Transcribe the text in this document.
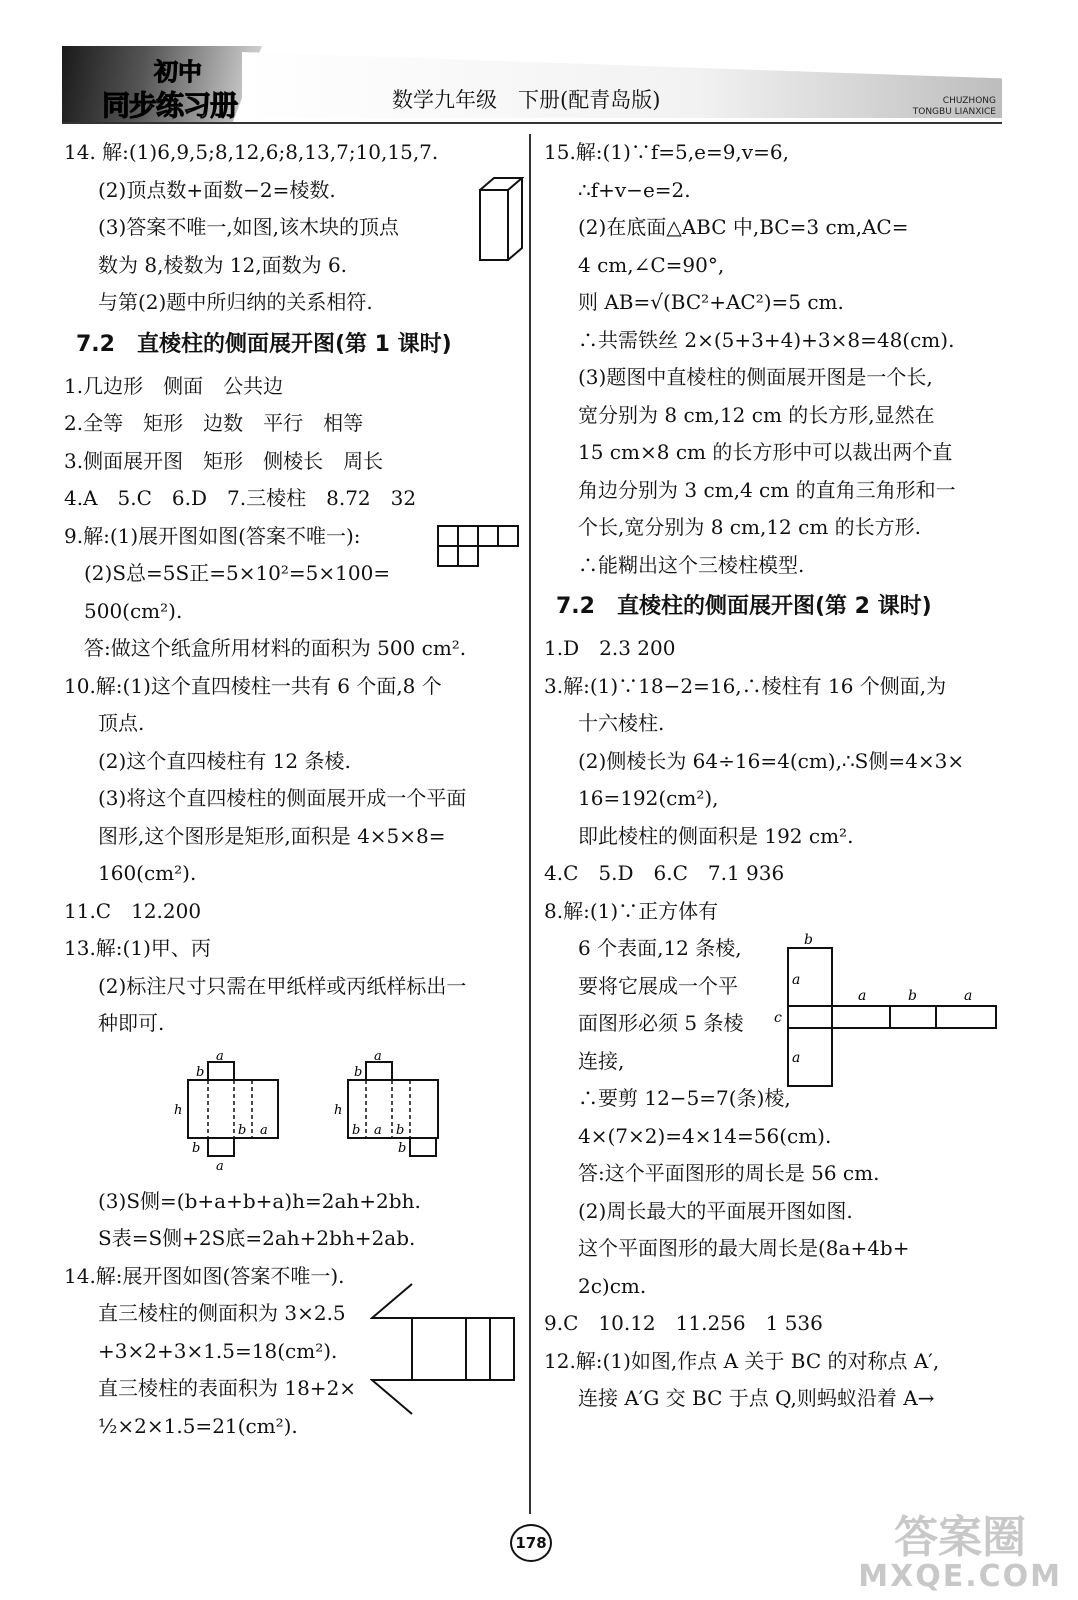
初中
同步练习册	数学九年级　下册(配青岛版)	CHUZHONG
TONGBU LIANXICE
14. 解:(1)6,9,5;8,12,6;8,13,7;10,15,7.
(2)顶点数+面数−2=棱数.
(3)答案不唯一,如图,该木块的顶点
数为 8,棱数为 12,面数为 6.
与第(2)题中所归纳的关系相符.
7.2　直棱柱的侧面展开图(第 1 课时)
1.几边形　侧面　公共边
2.全等　矩形　边数　平行　相等
3.侧面展开图　矩形　侧棱长　周长
4.A　5.C　6.D　7.三棱柱　8.72　32
9.解:(1)展开图如图(答案不唯一):
(2)S总=5S正=5×10²=5×100=
500(cm²).
答:做这个纸盒所用材料的面积为 500 cm².
10.解:(1)这个直四棱柱一共有 6 个面,8 个
顶点.
(2)这个直四棱柱有 12 条棱.
(3)将这个直四棱柱的侧面展开成一个平面
图形,这个图形是矩形,面积是 4×5×8=
160(cm²).
11.C　12.200
13.解:(1)甲、丙
(2)标注尺寸只需在甲纸样或丙纸样标出一
种即可.
(3)S侧=(b+a+b+a)h=2ah+2bh.
S表=S侧+2S底=2ah+2bh+2ab.
14.解:展开图如图(答案不唯一).
直三棱柱的侧面积为 3×2.5
+3×2+3×1.5=18(cm²).
直三棱柱的表面积为 18+2×
½×2×1.5=21(cm²).
a
b
h
b a
b
a
a
b
h
b a b
b
15.解:(1)∵f=5,e=9,v=6,
∴f+v−e=2.
(2)在底面△ABC 中,BC=3 cm,AC=
4 cm,∠C=90°,
则 AB=√(BC²+AC²)=5 cm.
∴共需铁丝 2×(5+3+4)+3×8=48(cm).
(3)题图中直棱柱的侧面展开图是一个长,
宽分别为 8 cm,12 cm 的长方形,显然在
15 cm×8 cm 的长方形中可以裁出两个直
角边分别为 3 cm,4 cm 的直角三角形和一
个长,宽分别为 8 cm,12 cm 的长方形.
∴能糊出这个三棱柱模型.
7.2　直棱柱的侧面展开图(第 2 课时)
1.D　2.3 200
3.解:(1)∵18−2=16,∴棱柱有 16 个侧面,为
十六棱柱.
(2)侧棱长为 64÷16=4(cm),∴S侧=4×3×
16=192(cm²),
即此棱柱的侧面积是 192 cm².
4.C　5.D　6.C　7.1 936
8.解:(1)∵正方体有
6 个表面,12 条棱,
要将它展成一个平
面图形必须 5 条棱
连接,
∴要剪 12−5=7(条)棱,
4×(7×2)=4×14=56(cm).
答:这个平面图形的周长是 56 cm.
(2)周长最大的平面展开图如图.
这个平面图形的最大周长是(8a+4b+
2c)cm.
9.C　10.12　11.256　1 536
12.解:(1)如图,作点 A 关于 BC 的对称点 A′,
连接 A′G 交 BC 于点 Q,则蚂蚁沿着 A→
b
a
c
a	b	a
a
178	答案圈
MXQE.COM
